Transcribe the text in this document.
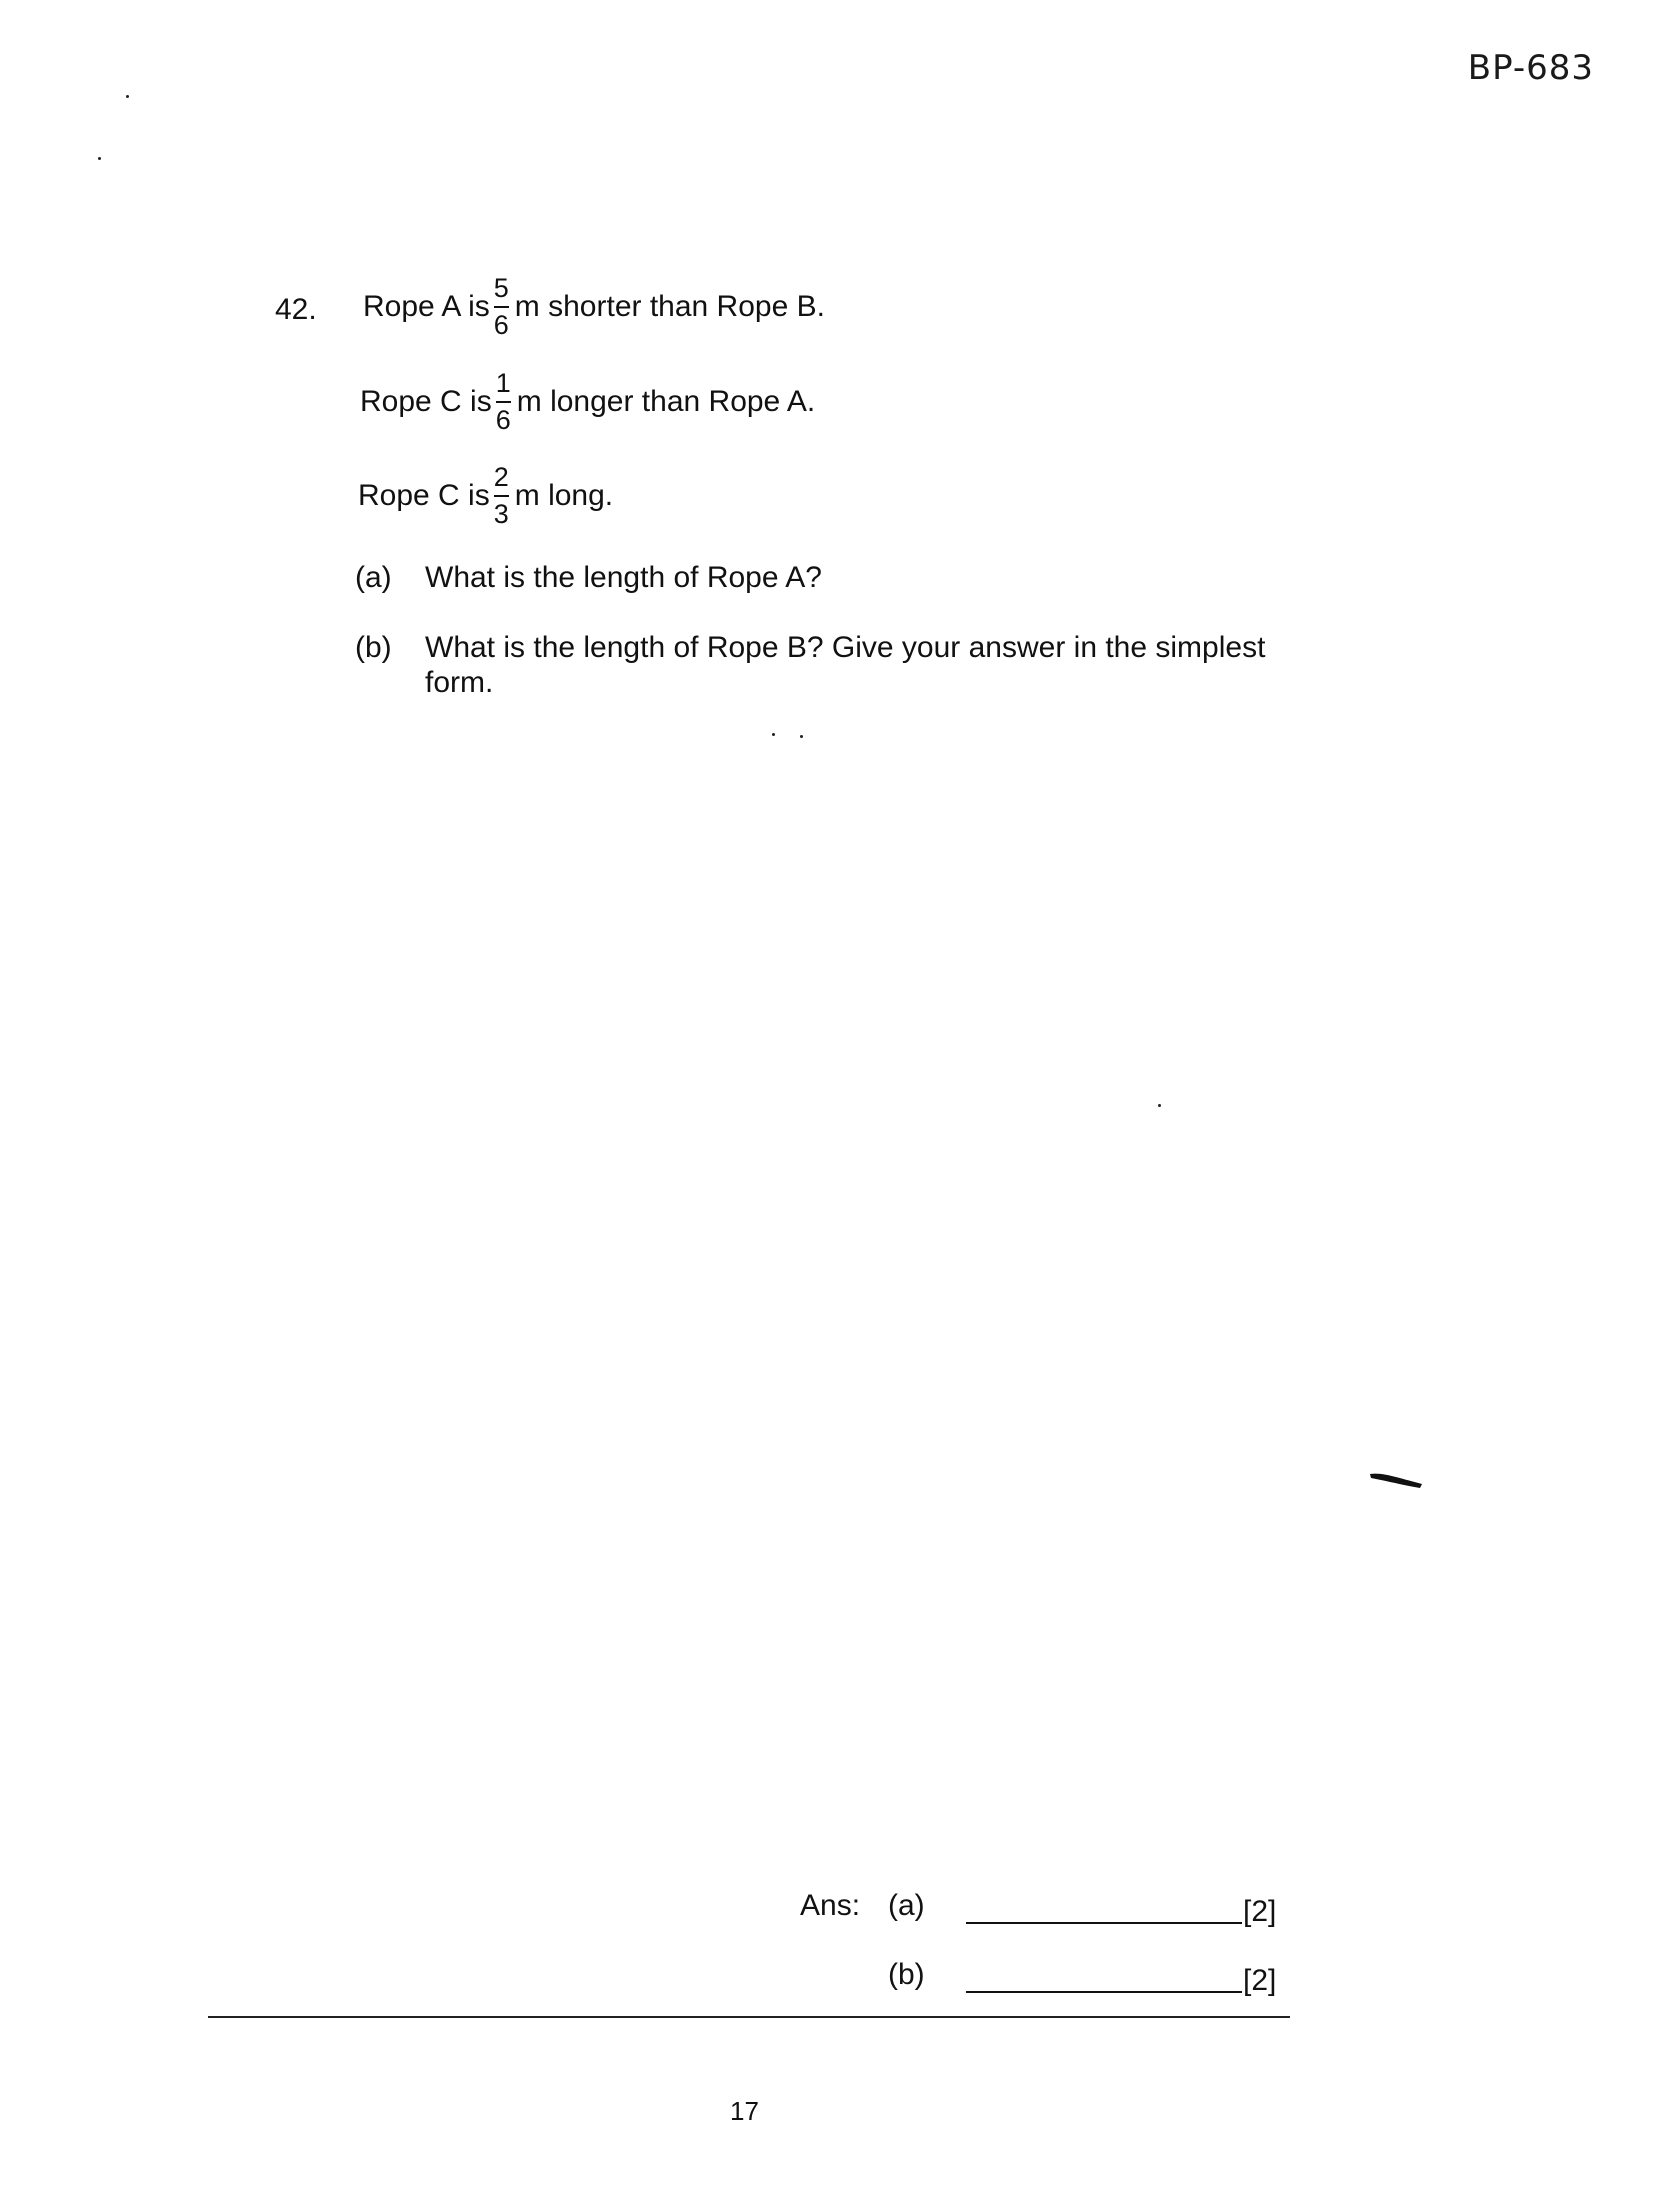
BP-683
42. Rope A is $\frac{5}{6}$ m shorter than Rope B.
Rope C is $\frac{1}{6}$ m longer than Rope A.
Rope C is $\frac{2}{3}$ m long.
(a)	What is the length of Rope A?
(b)	What is the length of Rope B? Give your answer in the simplest form.
Ans: (a)	[2]
(b)	[2]
17
